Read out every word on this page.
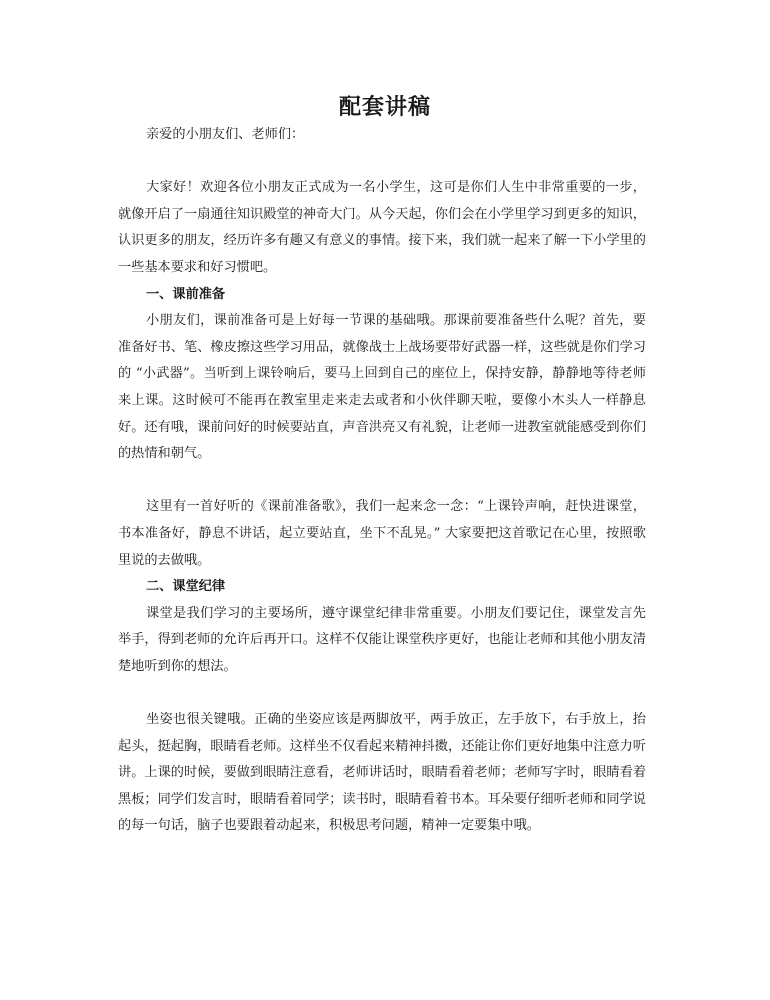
配套讲稿

亲爱的小朋友们、老师们：

大家好！欢迎各位小朋友正式成为一名小学生，这可是你们人生中非常重要的一步，就像开启了一扇通往知识殿堂的神奇大门。从今天起，你们会在小学里学习到更多的知识，认识更多的朋友，经历许多有趣又有意义的事情。接下来，我们就一起来了解一下小学里的一些基本要求和好习惯吧。

一、课前准备

小朋友们，课前准备可是上好每一节课的基础哦。那课前要准备些什么呢？首先，要准备好书、笔、橡皮擦这些学习用品，就像战士上战场要带好武器一样，这些就是你们学习的 “小武器”。当听到上课铃响后，要马上回到自己的座位上，保持安静，静静地等待老师来上课。这时候可不能再在教室里走来走去或者和小伙伴聊天啦，要像小木头人一样静息好。还有哦，课前问好的时候要站直，声音洪亮又有礼貌，让老师一进教室就能感受到你们的热情和朝气。

这里有一首好听的《课前准备歌》，我们一起来念一念：“上课铃声响，赶快进课堂，书本准备好，静息不讲话，起立要站直，坐下不乱晃。” 大家要把这首歌记在心里，按照歌里说的去做哦。

二、课堂纪律

课堂是我们学习的主要场所，遵守课堂纪律非常重要。小朋友们要记住，课堂发言先举手，得到老师的允许后再开口。这样不仅能让课堂秩序更好，也能让老师和其他小朋友清楚地听到你的想法。

坐姿也很关键哦。正确的坐姿应该是两脚放平，两手放正，左手放下，右手放上，抬起头，挺起胸，眼睛看老师。这样坐不仅看起来精神抖擞，还能让你们更好地集中注意力听讲。上课的时候，要做到眼睛注意看，老师讲话时，眼睛看着老师；老师写字时，眼睛看着黑板；同学们发言时，眼睛看着同学；读书时，眼睛看着书本。耳朵要仔细听老师和同学说的每一句话，脑子也要跟着动起来，积极思考问题，精神一定要集中哦。
